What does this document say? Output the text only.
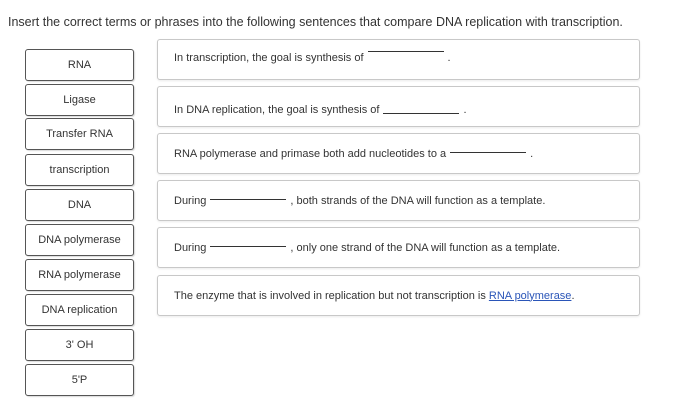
Insert the correct terms or phrases into the following sentences that compare DNA replication with transcription.
RNA
Ligase
Transfer RNA
transcription
DNA
DNA polymerase
RNA polymerase
DNA replication
3' OH
5'P
In transcription, the goal is synthesis of	.
In DNA replication, the goal is synthesis of	.
RNA polymerase and primase both add nucleotides to a	.
During	, both strands of the DNA will function as a template.
During	, only one strand of the DNA will function as a template.
The enzyme that is involved in replication but not transcription is
RNA polymerase .
